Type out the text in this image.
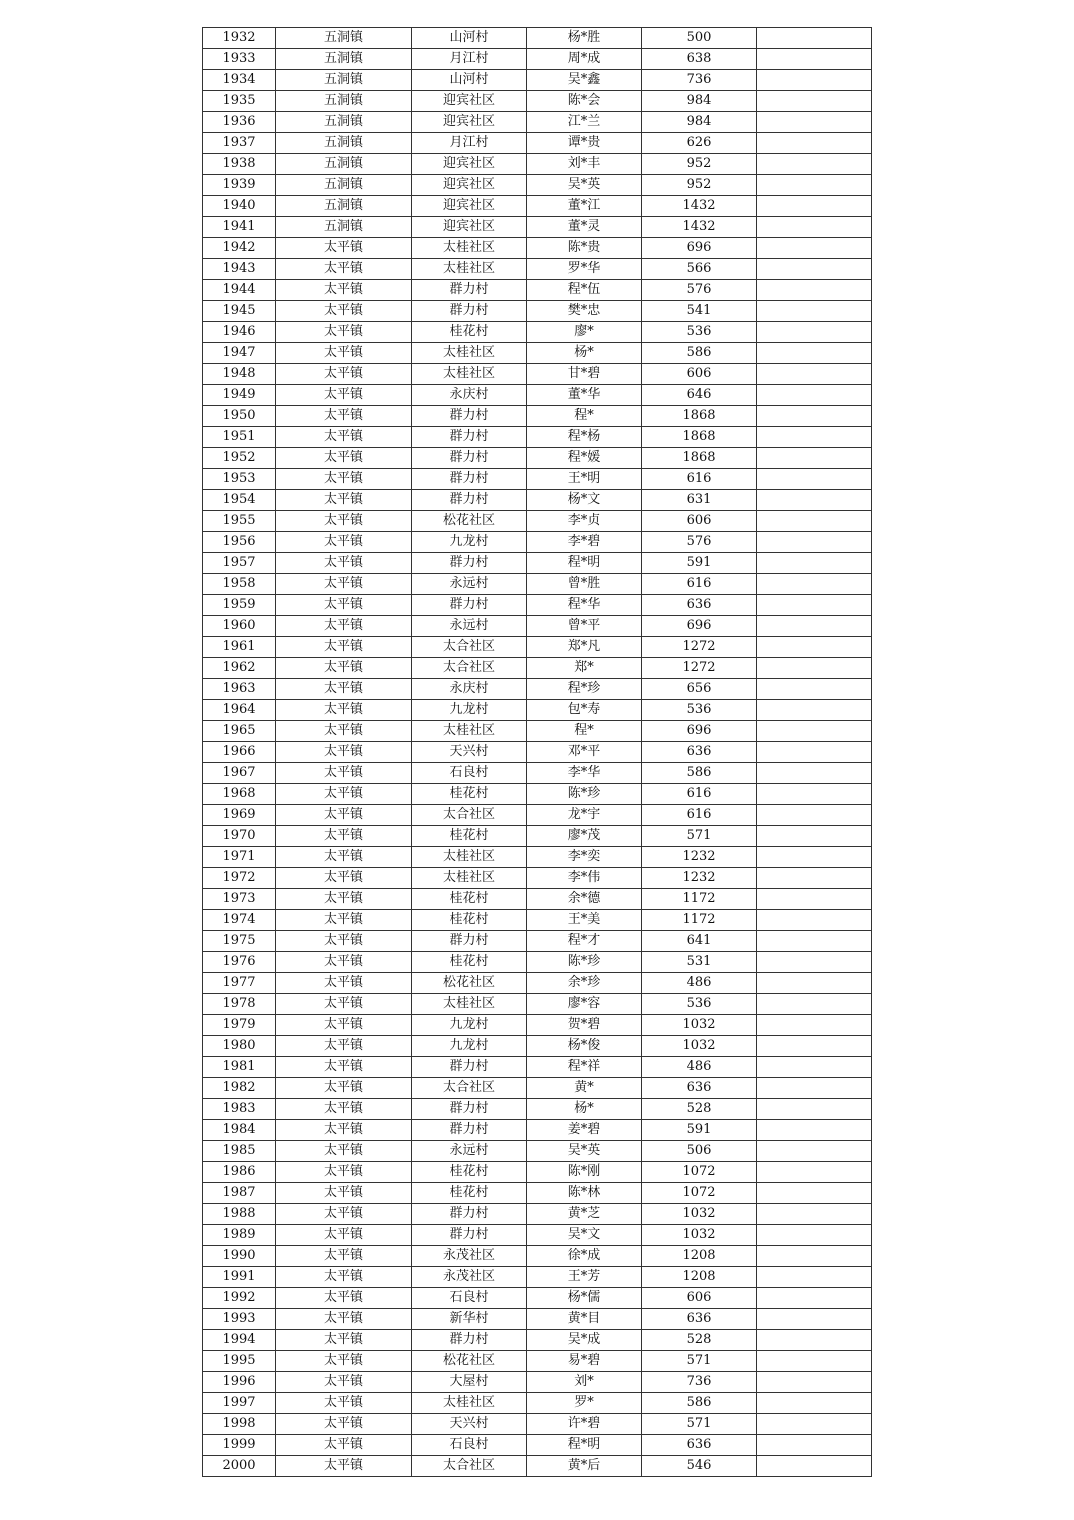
1932	五洞镇	山河村	杨*胜	500	
1933	五洞镇	月江村	周*成	638	
1934	五洞镇	山河村	吴*鑫	736	
1935	五洞镇	迎宾社区	陈*会	984	
1936	五洞镇	迎宾社区	江*兰	984	
1937	五洞镇	月江村	谭*贵	626	
1938	五洞镇	迎宾社区	刘*丰	952	
1939	五洞镇	迎宾社区	吴*英	952	
1940	五洞镇	迎宾社区	董*江	1432	
1941	五洞镇	迎宾社区	董*灵	1432	
1942	太平镇	太桂社区	陈*贵	696	
1943	太平镇	太桂社区	罗*华	566	
1944	太平镇	群力村	程*伍	576	
1945	太平镇	群力村	樊*忠	541	
1946	太平镇	桂花村	廖*	536	
1947	太平镇	太桂社区	杨*	586	
1948	太平镇	太桂社区	甘*碧	606	
1949	太平镇	永庆村	董*华	646	
1950	太平镇	群力村	程*	1868	
1951	太平镇	群力村	程*杨	1868	
1952	太平镇	群力村	程*媛	1868	
1953	太平镇	群力村	王*明	616	
1954	太平镇	群力村	杨*文	631	
1955	太平镇	松花社区	李*贞	606	
1956	太平镇	九龙村	李*碧	576	
1957	太平镇	群力村	程*明	591	
1958	太平镇	永远村	曾*胜	616	
1959	太平镇	群力村	程*华	636	
1960	太平镇	永远村	曾*平	696	
1961	太平镇	太合社区	郑*凡	1272	
1962	太平镇	太合社区	郑*	1272	
1963	太平镇	永庆村	程*珍	656	
1964	太平镇	九龙村	包*寿	536	
1965	太平镇	太桂社区	程*	696	
1966	太平镇	天兴村	邓*平	636	
1967	太平镇	石良村	李*华	586	
1968	太平镇	桂花村	陈*珍	616	
1969	太平镇	太合社区	龙*宇	616	
1970	太平镇	桂花村	廖*茂	571	
1971	太平镇	太桂社区	李*奕	1232	
1972	太平镇	太桂社区	李*伟	1232	
1973	太平镇	桂花村	余*德	1172	
1974	太平镇	桂花村	王*美	1172	
1975	太平镇	群力村	程*才	641	
1976	太平镇	桂花村	陈*珍	531	
1977	太平镇	松花社区	余*珍	486	
1978	太平镇	太桂社区	廖*容	536	
1979	太平镇	九龙村	贺*碧	1032	
1980	太平镇	九龙村	杨*俊	1032	
1981	太平镇	群力村	程*祥	486	
1982	太平镇	太合社区	黄*	636	
1983	太平镇	群力村	杨*	528	
1984	太平镇	群力村	姜*碧	591	
1985	太平镇	永远村	吴*英	506	
1986	太平镇	桂花村	陈*刚	1072	
1987	太平镇	桂花村	陈*林	1072	
1988	太平镇	群力村	黄*芝	1032	
1989	太平镇	群力村	吴*文	1032	
1990	太平镇	永茂社区	徐*成	1208	
1991	太平镇	永茂社区	王*芳	1208	
1992	太平镇	石良村	杨*儒	606	
1993	太平镇	新华村	黄*目	636	
1994	太平镇	群力村	吴*成	528	
1995	太平镇	松花社区	易*碧	571	
1996	太平镇	大屋村	刘*	736	
1997	太平镇	太桂社区	罗*	586	
1998	太平镇	天兴村	许*碧	571	
1999	太平镇	石良村	程*明	636	
2000	太平镇	太合社区	黄*后	546	
